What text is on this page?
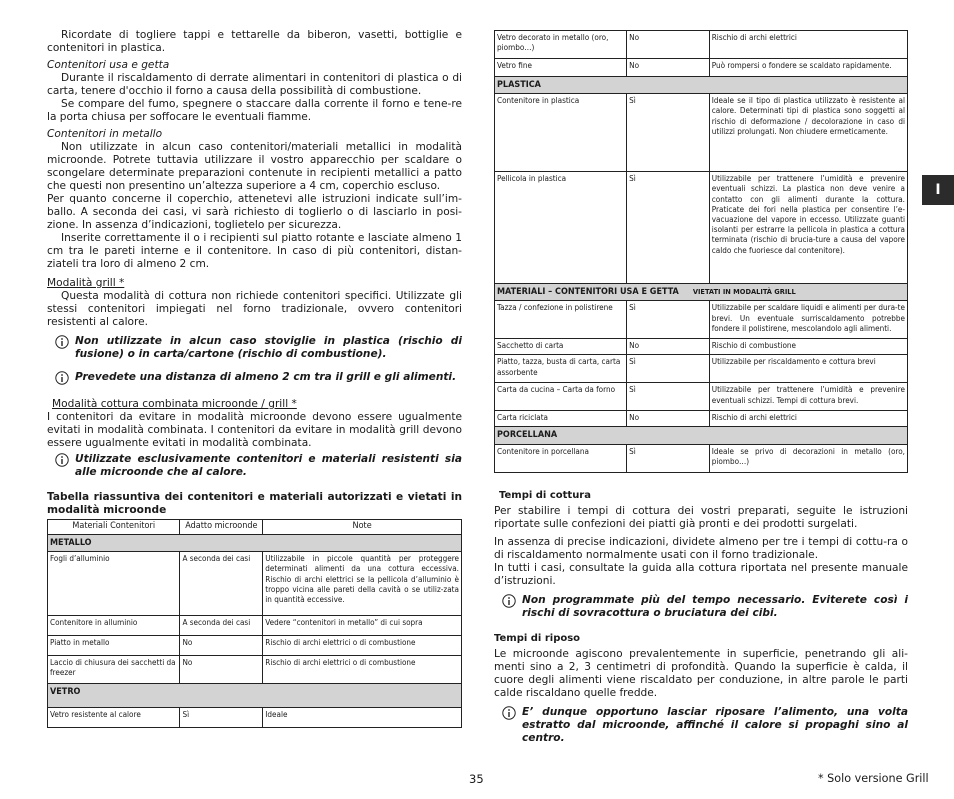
Ricordate di togliere tappi e tettarelle da biberon, vasetti, bottiglie e contenitori in plastica.

Contenitori usa e getta

Durante il riscaldamento di derrate alimentari in contenitori di plastica o di carta, tenere d'occhio il forno a causa della possibilità di combustione.

Se compare del fumo, spegnere o staccare dalla corrente il forno e tene-re la porta chiusa per soffocare le eventuali fiamme.

Contenitori in metallo

Non utilizzate in alcun caso contenitori/materiali metallici in modalità microonde. Potrete tuttavia utilizzare il vostro apparecchio per scaldare o scongelare determinate preparazioni contenute in recipienti metallici a patto che questi non presentino un’altezza superiore a 4 cm, coperchio escluso.

Per quanto concerne il coperchio, attenetevi alle istruzioni indicate sull’im-ballo. A seconda dei casi, vi sarà richiesto di toglierlo o di lasciarlo in posi-zione. In assenza d’indicazioni, toglietelo per sicurezza.

Inserite correttamente il o i recipienti sul piatto rotante e lasciate almeno 1 cm tra le pareti interne e il contenitore. In caso di più contenitori, distan-ziateli tra loro di almeno 2 cm.

Modalità grill *

Questa modalità di cottura non richiede contenitori specifici. Utilizzate gli stessi contenitori impiegati nel forno tradizionale, ovvero contenitori resistenti al calore.

Non utilizzate in alcun caso stoviglie in plastica (rischio di fusione) o in carta/cartone (rischio di combustione).
Prevedete una distanza di almeno 2 cm tra il grill e gli alimenti.

Modalità cottura combinata microonde / grill *

I contenitori da evitare in modalità microonde devono essere ugualmente evitati in modalità combinata. I contenitori da evitare in modalità grill devono essere ugualmente evitati in modalità combinata.

Utilizzate esclusivamente contenitori e materiali resistenti sia alle microonde che al calore.

Tabella riassuntiva dei contenitori e materiali autorizzati e vietati in modalità microonde

Materiali Contenitori	Adatto microonde	Note
METALLO		
Fogli d’alluminio	A seconda dei casi	Utilizzabile in piccole quantità per proteggere determinati alimenti da una cottura eccessiva. Rischio di archi elettrici se la pellicola d’alluminio è troppo vicina alle pareti della cavità o se utiliz-zata in quantità eccessive.
Contenitore in alluminio	A seconda dei casi	Vedere “contenitori in metallo” di cui sopra
Piatto in metallo	No	Rischio di archi elettrici o di combustione
Laccio di chiusura dei sacchetti da freezer	No	Rischio di archi elettrici o di combustione
VETRO		
Vetro resistente al calore	Sì	Ideale
Vetro decorato in metallo (oro, piombo…)	No	Rischio di archi elettrici
Vetro fine	No	Può rompersi o fondere se scaldato rapidamente.
PLASTICA		
Contenitore in plastica	Sì	Ideale se il tipo di plastica utilizzato è resistente al calore. Determinati tipi di plastica sono soggetti al rischio di deformazione / decolorazione in caso di utilizzi prolungati. Non chiudere ermeticamente.
Pellicola in plastica	Sì	Utilizzabile per trattenere l’umidità e prevenire eventuali schizzi. La plastica non deve venire a contatto con gli alimenti durante la cottura. Praticate dei fori nella plastica per consentire l’e-vacuazione del vapore in eccesso. Utilizzate guanti isolanti per estrarre la pellicola in plastica a cottura terminata (rischio di brucia-ture a causa del vapore caldo che fuoriesce dal contenitore).
MATERIALI – CONTENITORI USA E GETTA VIETATI IN MODALITÀ GRILL		
Tazza / confezione in polistirene	Sì	Utilizzabile per scaldare liquidi e alimenti per dura-te brevi. Un eventuale surriscaldamento potrebbe fondere il polistirene, mescolandolo agli alimenti.
Sacchetto di carta	No	Rischio di combustione
Piatto, tazza, busta di carta, carta assorbente	Sì	Utilizzabile per riscaldamento e cottura brevi
Carta da cucina – Carta da forno	Sì	Utilizzabile per trattenere l’umidità e prevenire eventuali schizzi. Tempi di cottura brevi.
Carta riciclata	No	Rischio di archi elettrici
PORCELLANA		
Contenitore in porcellana	Sì	Ideale se privo di decorazioni in metallo (oro, piombo…)

Tempi di cottura

Per stabilire i tempi di cottura dei vostri preparati, seguite le istruzioni riportate sulle confezioni dei piatti già pronti e dei prodotti surgelati.

In assenza di precise indicazioni, dividete almeno per tre i tempi di cottu-ra o di riscaldamento normalmente usati con il forno tradizionale.

In tutti i casi, consultate la guida alla cottura riportata nel presente manuale d’istruzioni.

Non programmate più del tempo necessario. Eviterete così i rischi di sovracottura o bruciatura dei cibi.

Tempi di riposo

Le microonde agiscono prevalentemente in superficie, penetrando gli ali-menti sino a 2, 3 centimetri di profondità. Quando la superficie è calda, il cuore degli alimenti viene riscaldato per conduzione, in altre parole le parti calde riscaldano quelle fredde.

E’ dunque opportuno lasciar riposare l’alimento, una volta estratto dal microonde, affinché il calore si propaghi sino al centro.
I
35	* Solo versione Grill
